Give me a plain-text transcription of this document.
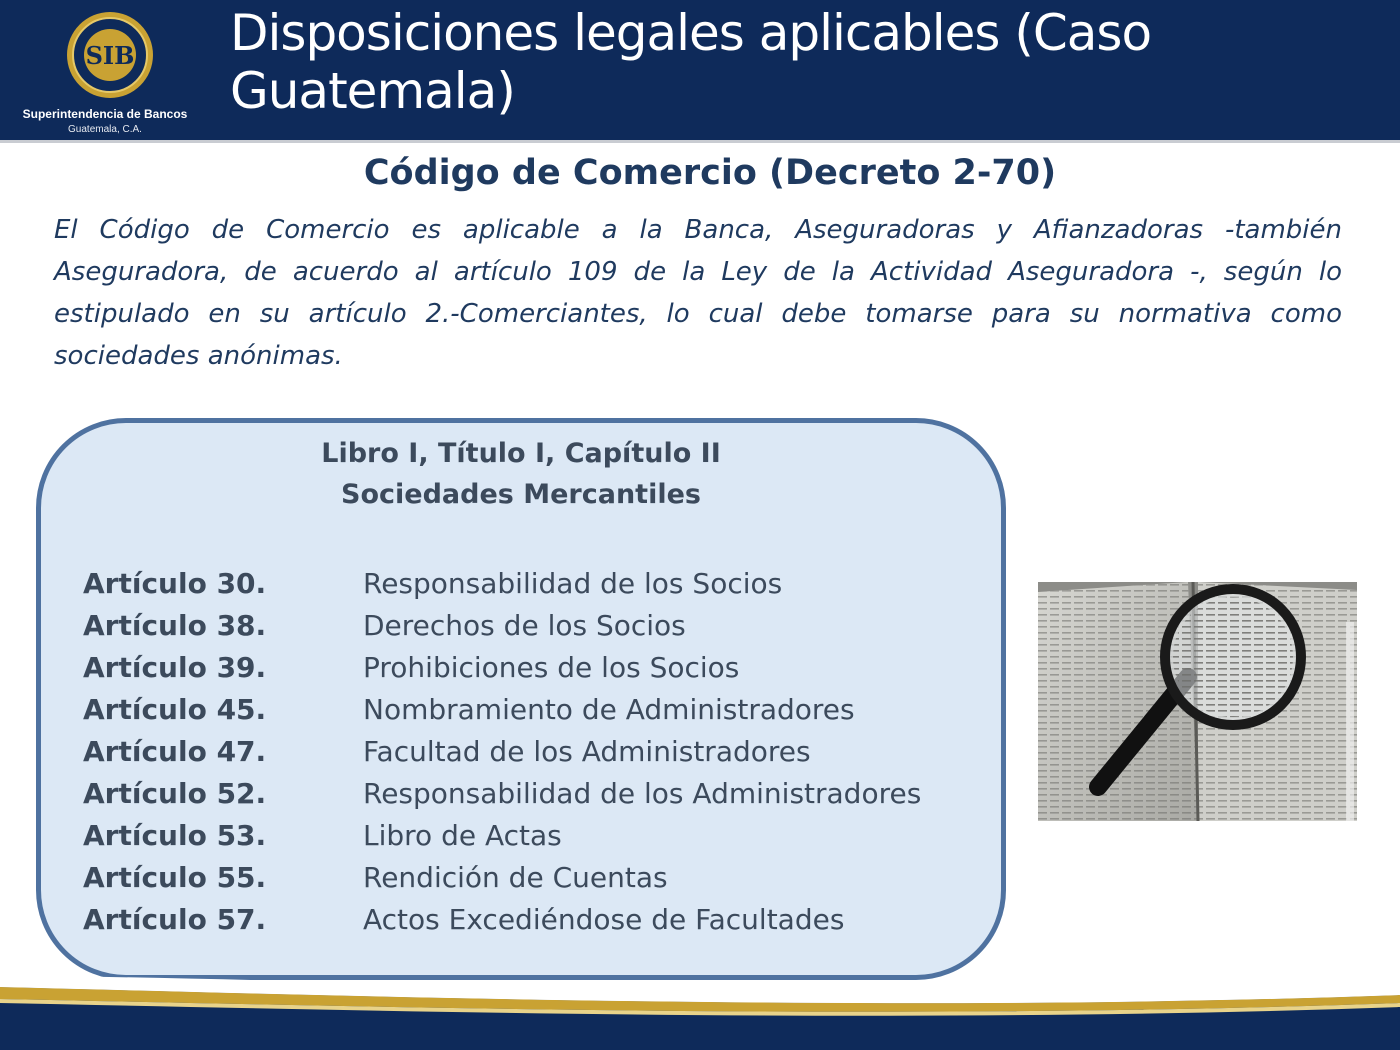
SIB
Superintendencia de Bancos
Guatemala, C.A.
Disposiciones legales aplicables (Caso Guatemala)
Código de Comercio (Decreto 2-70)
El Código de Comercio es aplicable a la Banca, Aseguradoras y Afianzadoras -también Aseguradora, de acuerdo al artículo 109 de la Ley de la Actividad Aseguradora -, según lo estipulado en su artículo 2.-Comerciantes, lo cual debe tomarse para su normativa como sociedades anónimas.
Libro I, Título I, Capítulo II
Sociedades Mercantiles
Artículo 30.	Responsabilidad de los Socios
Artículo 38.	Derechos de los Socios
Artículo 39.	Prohibiciones de los Socios
Artículo 45.	Nombramiento de Administradores
Artículo 47.	Facultad de los Administradores
Artículo 52.	Responsabilidad de los Administradores
Artículo 53.	Libro de Actas
Artículo 55.	Rendición de Cuentas
Artículo 57.	Actos Excediéndose de Facultades
